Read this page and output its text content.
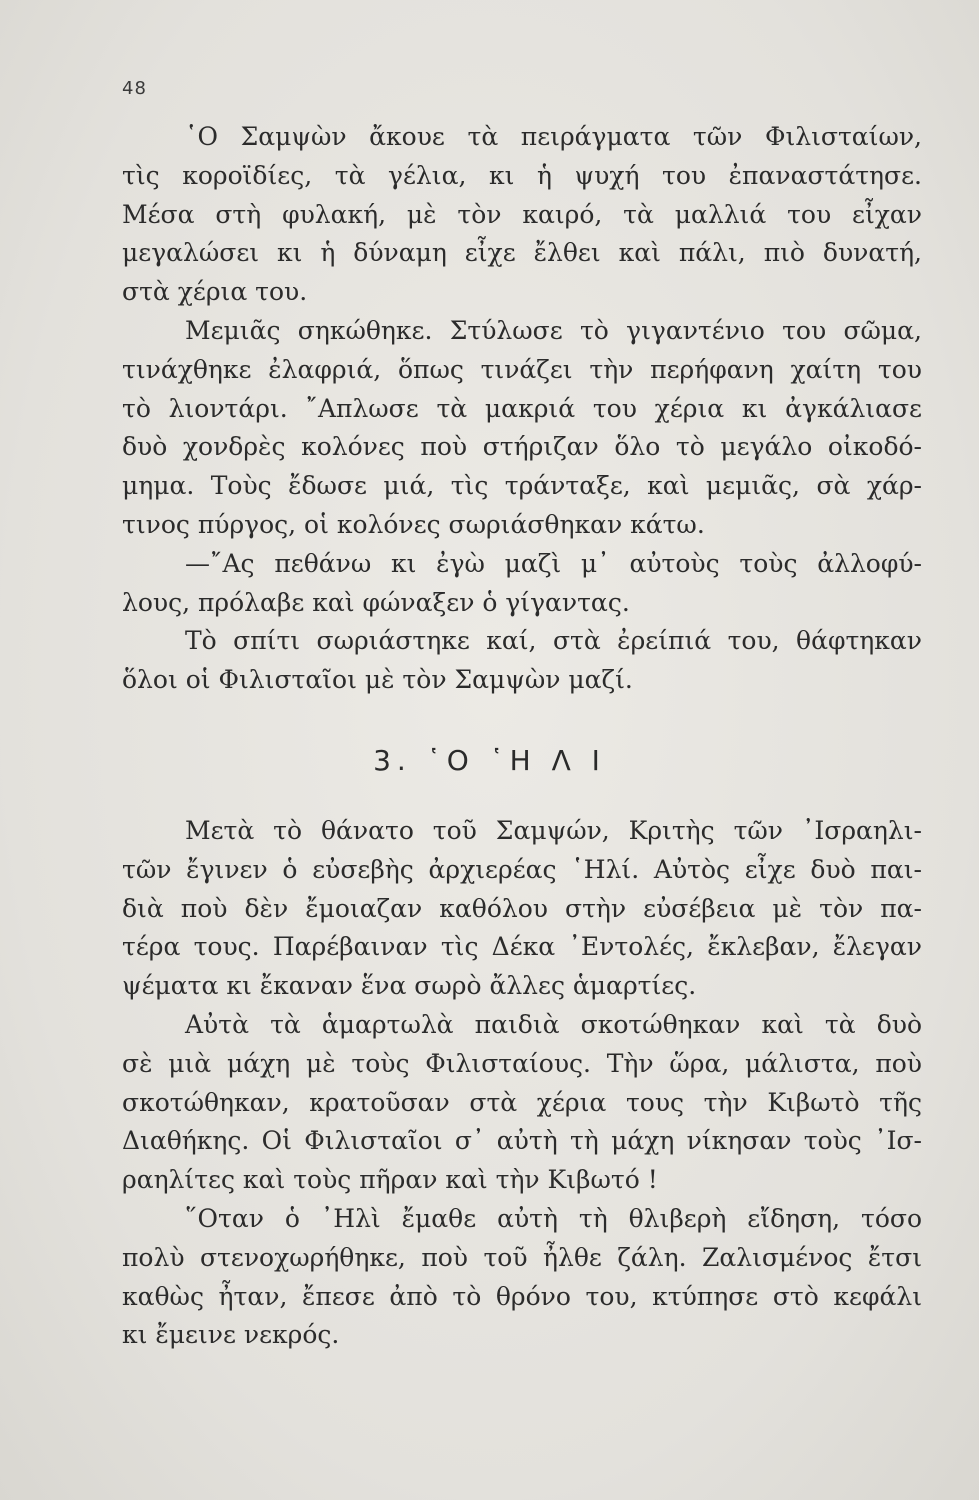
48
῾Ο Σαμψὼν ἄκουε τὰ πειράγματα τῶν Φιλισταίων,
τὶς κοροϊδίες, τὰ γέλια, κι ἡ ψυχή του ἐπαναστάτησε.
Μέσα στὴ φυλακή, μὲ τὸν καιρό, τὰ μαλλιά του εἶχαν
μεγαλώσει κι ἡ δύναμη εἶχε ἔλθει καὶ πάλι, πιὸ δυνατή,
στὰ χέρια του.
Μεμιᾶς σηκώθηκε. Στύλωσε τὸ γιγαντένιο του σῶμα,
τινάχθηκε ἐλαφριά, ὅπως τινάζει τὴν περήφανη χαίτη του
τὸ λιοντάρι. ῎Απλωσε τὰ μακριά του χέρια κι ἀγκάλιασε
δυὸ χονδρὲς κολόνες ποὺ στήριζαν ὅλο τὸ μεγάλο οἰκοδό-
μημα. Τοὺς ἔδωσε μιά, τὶς τράνταξε, καὶ μεμιᾶς, σὰ χάρ-
τινος πύργος, οἱ κολόνες σωριάσθηκαν κάτω.
—῎Ας πεθάνω κι ἐγὼ μαζὶ μ᾽ αὐτοὺς τοὺς ἀλλοφύ-
λους, πρόλαβε καὶ φώναξεν ὁ γίγαντας.
Τὸ σπίτι σωριάστηκε καί, στὰ ἐρείπιά του, θάφτηκαν
ὅλοι οἱ Φιλισταῖοι μὲ τὸν Σαμψὼν μαζί.
3. ῾Ο ῾Η Λ Ι
Μετὰ τὸ θάνατο τοῦ Σαμψών, Κριτὴς τῶν ᾽Ισραηλι-
τῶν ἔγινεν ὁ εὐσεβὴς ἀρχιερέας ῾Ηλί. Αὐτὸς εἶχε δυὸ παι-
διὰ ποὺ δὲν ἔμοιαζαν καθόλου στὴν εὐσέβεια μὲ τὸν πα-
τέρα τους. Παρέβαιναν τὶς Δέκα ᾽Εντολές, ἔκλεβαν, ἔλεγαν
ψέματα κι ἔκαναν ἕνα σωρὸ ἄλλες ἁμαρτίες.
Αὐτὰ τὰ ἁμαρτωλὰ παιδιὰ σκοτώθηκαν καὶ τὰ δυὸ
σὲ μιὰ μάχη μὲ τοὺς Φιλισταίους. Τὴν ὥρα, μάλιστα, ποὺ
σκοτώθηκαν, κρατοῦσαν στὰ χέρια τους τὴν Κιβωτὸ τῆς
Διαθήκης. Οἱ Φιλισταῖοι σ᾽ αὐτὴ τὴ μάχη νίκησαν τοὺς ᾽Ισ-
ραηλίτες καὶ τοὺς πῆραν καὶ τὴν Κιβωτό !
῞Οταν ὁ ᾽Ηλὶ ἔμαθε αὐτὴ τὴ θλιβερὴ εἴδηση, τόσο
πολὺ στενοχωρήθηκε, ποὺ τοῦ ἦλθε ζάλη. Ζαλισμένος ἔτσι
καθὼς ἦταν, ἔπεσε ἀπὸ τὸ θρόνο του, κτύπησε στὸ κεφάλι
κι ἔμεινε νεκρός.
